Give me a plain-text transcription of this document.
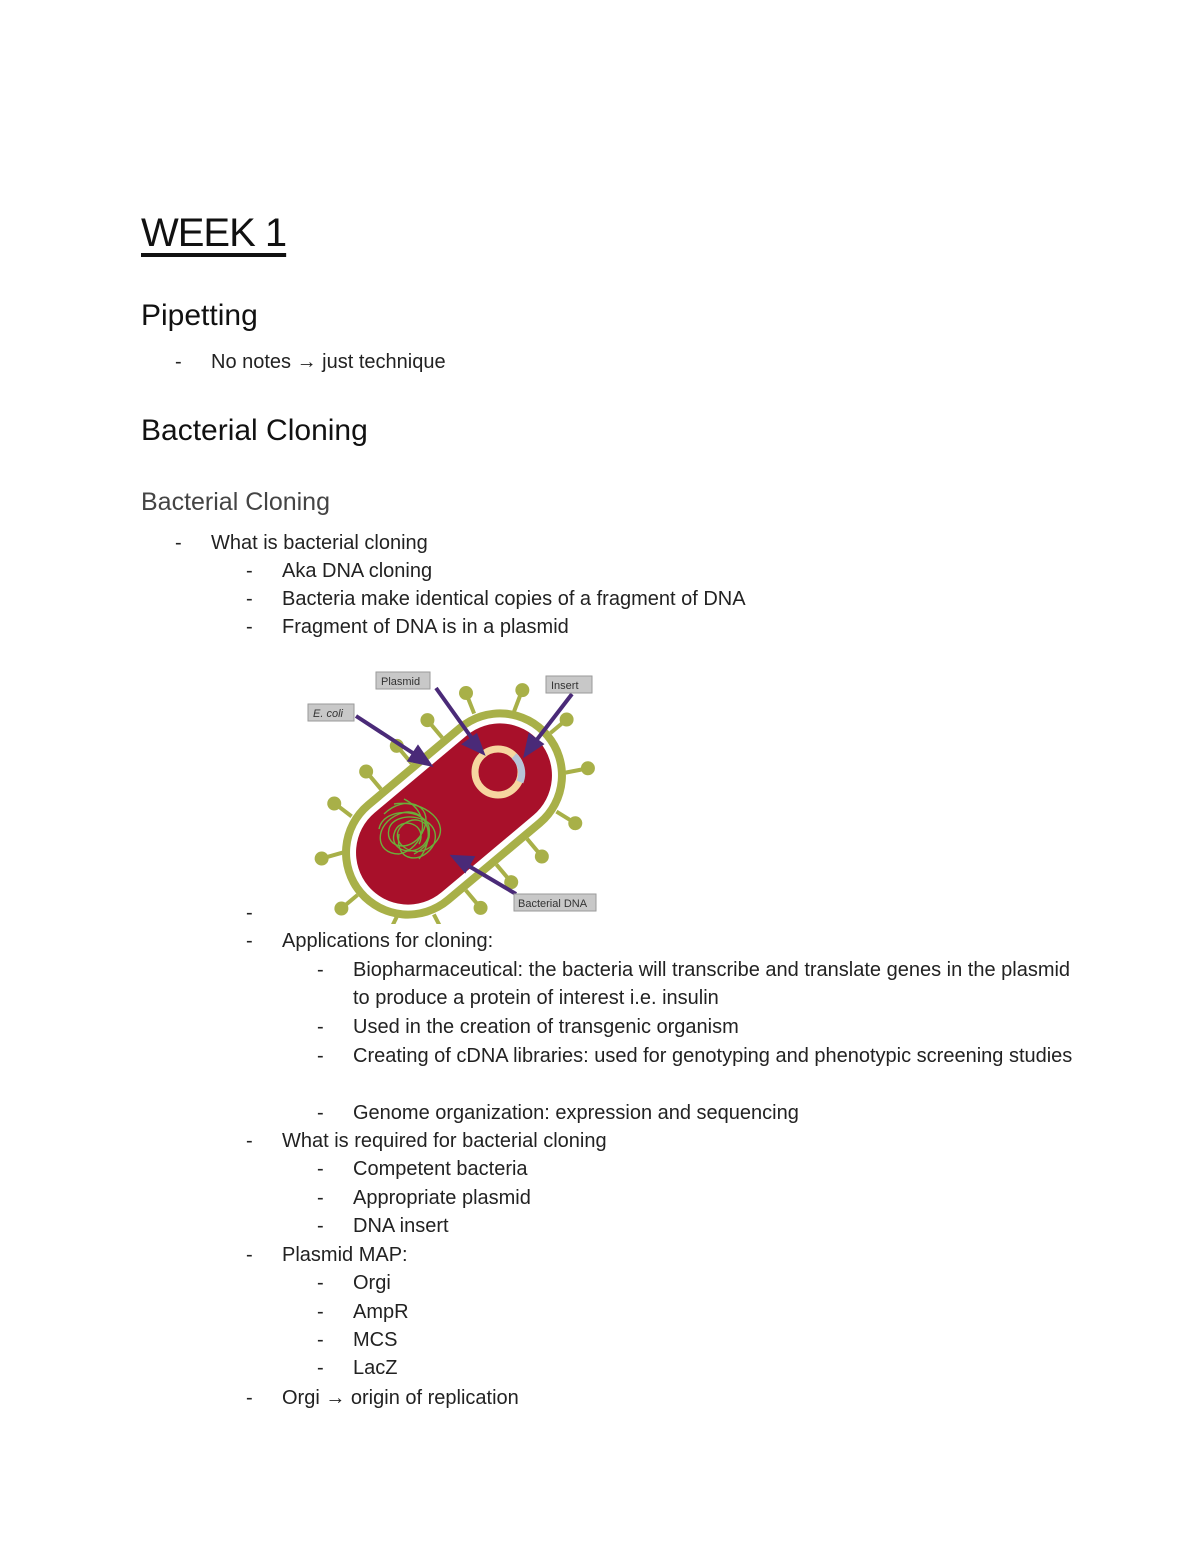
WEEK 1
Pipetting
- No notes → just technique
Bacterial Cloning
Bacterial Cloning
- What is bacterial cloning
- Aka DNA cloning
- Bacteria make identical copies of a fragment of DNA
- Fragment of DNA is in a plasmid
Plasmid	Insert
E. coli
Bacterial DNA
-
- Applications for cloning:
- Biopharmaceutical: the bacteria will transcribe and translate genes in the plasmid to produce a protein of interest i.e. insulin
- Used in the creation of transgenic organism
- Creating of cDNA libraries: used for genotyping and phenotypic screening studies
- Genome organization: expression and sequencing
- What is required for bacterial cloning
- Competent bacteria
- Appropriate plasmid
- DNA insert
- Plasmid MAP:
- Orgi
- AmpR
- MCS
- LacZ
- Orgi → origin of replication
